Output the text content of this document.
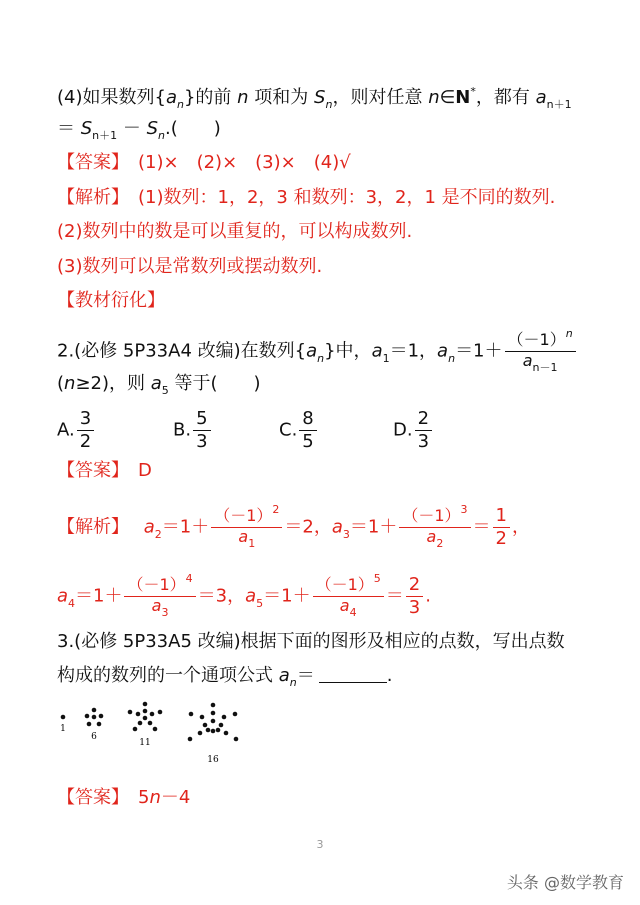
(4)如果数列$\{a_n\}$的前 n 项和为 $S_n$，则对任意 n∈N*，都有 $a_{n+1}$
＝ $S_{n+1} - S_n$.(　　)
【答案】　 (1)×　(2)×　(3)×　(4)√
【解析】　 (1)数列：1，2，3 和数列：3，2，1 是不同的数列.
(2)数列中的数是可以重复的，可以构成数列.
(3)数列可以是常数列或摆动数列.
【教材衍化】
2.(必修 5P33A4 改编)在数列$\{a_n\}$中，$a_1=1$，$a_n=1+ \frac{(-1)^n}{a_{n-1}}$
(n≥2)，则 $a_5$ 等于(　　)
A. $\frac{3}{2}$	B. $\frac{5}{3}$	C. $\frac{8}{5}$	D. $\frac{2}{3}$
【答案】　 D
【解析】　 $a_2=1+ \frac{(-1)^2}{a_1} =2$，$a_3=1+ \frac{(-1)^3}{a_2} = \frac{1}{2}$ ，
$a_4=1+ \frac{(-1)^4}{a_3} =3$，$a_5=1+ \frac{(-1)^5}{a_4} = \frac{2}{3}$ .
3.(必修 5P33A5 改编)根据下面的图形及相应的点数，写出点数
构成的数列的一个通项公式 $a_n=$	.
1
6
11
16
【答案】　 5n－4
3
头条 @数学教育
